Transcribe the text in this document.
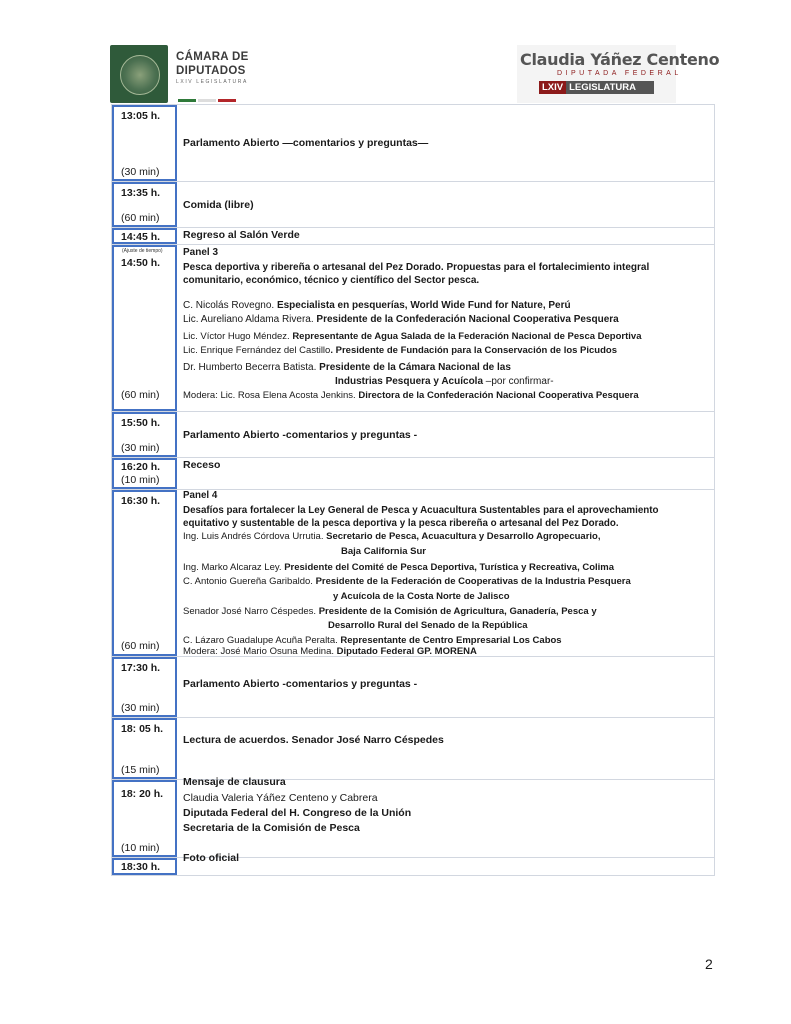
CÁMARA DE
DIPUTADOS
LXIV LEGISLATURA
Claudia Yáñez Centeno
DIPUTADA FEDERAL
LXIV LEGISLATURA
13:05 h.
(30 min)
Parlamento Abierto —comentarios y preguntas—
13:35 h.
(60 min)
Comida (libre)
14:45 h. Regreso al Salón Verde
(Ajuste de tiempo)
14:50 h.
(60 min)
Panel 3
Pesca deportiva y ribereña o artesanal del Pez Dorado. Propuestas para el fortalecimiento integral
comunitario, económico, técnico y científico del Sector pesca.
C. Nicolás Rovegno. Especialista en pesquerías, World Wide Fund for Nature, Perú
Lic. Aureliano Aldama Rivera. Presidente de la Confederación Nacional Cooperativa Pesquera
Lic. Víctor Hugo Méndez. Representante de Agua Salada de la Federación Nacional de Pesca Deportiva
Lic. Enrique Fernández del Castillo. Presidente de Fundación para la Conservación de los Picudos
Dr. Humberto Becerra Batista. Presidente de la Cámara Nacional de las
Industrias Pesquera y Acuícola –por confirmar-
Modera: Lic. Rosa Elena Acosta Jenkins. Directora de la Confederación Nacional Cooperativa Pesquera
15:50 h.
(30 min)
Parlamento Abierto -comentarios y preguntas -
16:20 h.
(10 min)
Receso
16:30 h.
(60 min)
Panel 4
Desafíos para fortalecer la Ley General de Pesca y Acuacultura Sustentables para el aprovechamiento
equitativo y sustentable de la pesca deportiva y la pesca ribereña o artesanal del Pez Dorado.
Ing. Luis Andrés Córdova Urrutia. Secretario de Pesca, Acuacultura y Desarrollo Agropecuario,
Baja California Sur
Ing. Marko Alcaraz Ley. Presidente del Comité de Pesca Deportiva, Turística y Recreativa, Colima
C. Antonio Guereña Garibaldo. Presidente de la Federación de Cooperativas de la Industria Pesquera
y Acuícola de la Costa Norte de Jalisco
Senador José Narro Céspedes. Presidente de la Comisión de Agricultura, Ganadería, Pesca y
Desarrollo Rural del Senado de la República
C. Lázaro Guadalupe Acuña Peralta. Representante de Centro Empresarial Los Cabos
Modera: José Mario Osuna Medina. Diputado Federal GP. MORENA
17:30 h.
(30 min)
Parlamento Abierto -comentarios y preguntas -
18: 05 h.
(15 min)
Lectura de acuerdos. Senador José Narro Céspedes
18: 20 h.
(10 min)
Mensaje de clausura
Claudia Valeria Yáñez Centeno y Cabrera
Diputada Federal del H. Congreso de la Unión
Secretaria de la Comisión de Pesca
18:30 h.
Foto oficial
2
